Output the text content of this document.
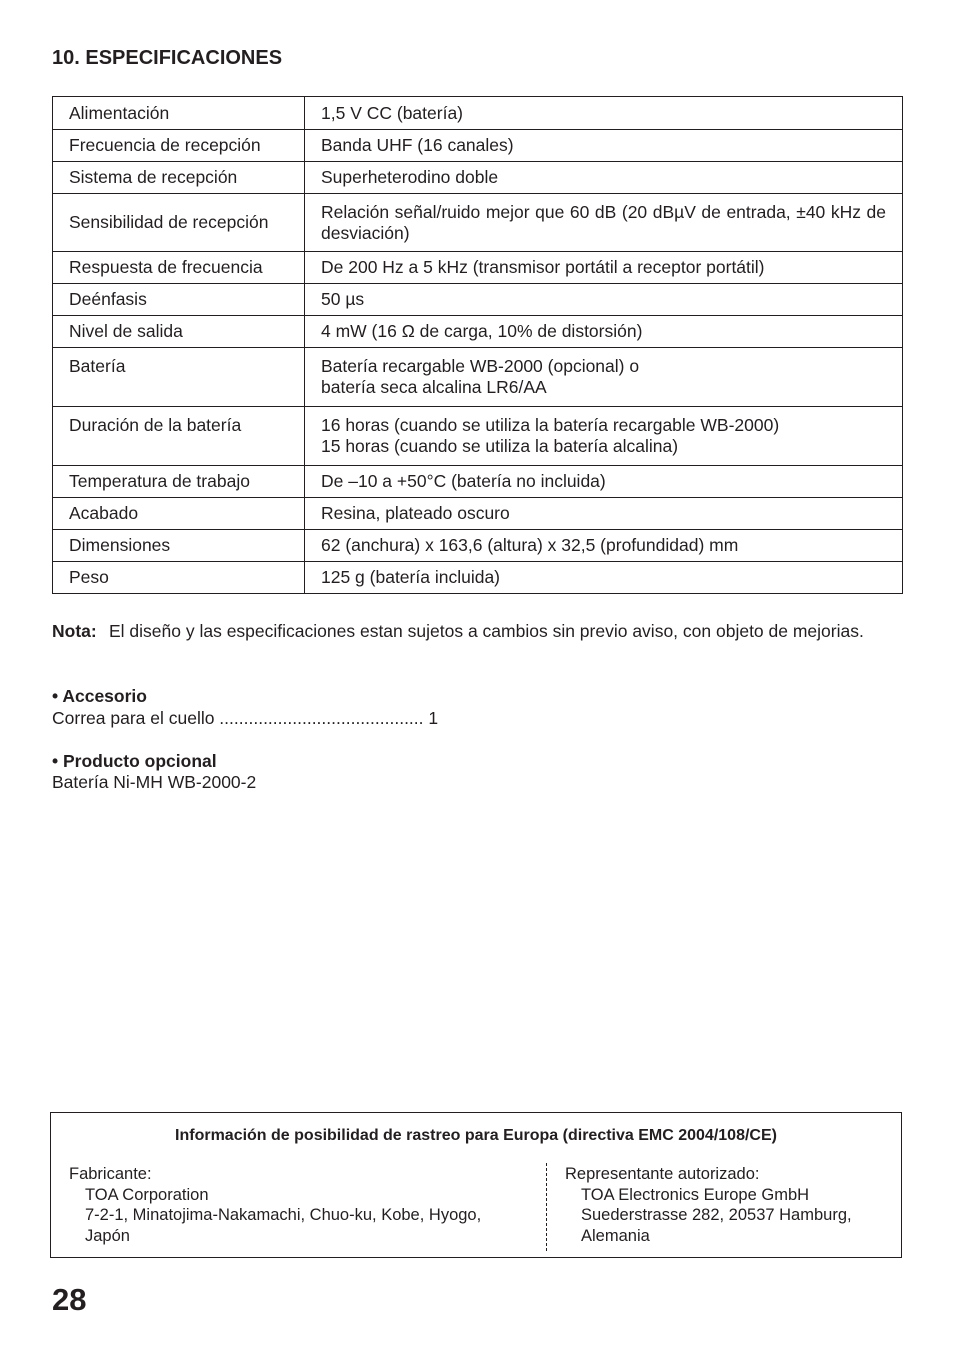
10. ESPECIFICACIONES
Alimentación	1,5 V CC (batería)
Frecuencia de recepción	Banda UHF (16 canales)
Sistema de recepción	Superheterodino doble
Sensibilidad de recepción	Relación señal/ruido mejor que 60 dB (20 dBµV de entrada, ±40 kHz de desviación)
Respuesta de frecuencia	De 200 Hz a 5 kHz (transmisor portátil a receptor portátil)
Deénfasis	50 µs
Nivel de salida	4 mW (16 Ω de carga, 10% de distorsión)
Batería	Batería recargable WB-2000 (opcional) o
batería seca alcalina LR6/AA

Duración de la batería	16 horas (cuando se utiliza la batería recargable WB-2000)
15 horas (cuando se utiliza la batería alcalina)

Temperatura de trabajo	De –10 a +50°C (batería no incluida)
Acabado	Resina, plateado oscuro
Dimensiones	62 (anchura) x 163,6 (altura) x 32,5 (profundidad) mm
Peso	125 g (batería incluida)
Nota: El diseño y las especificaciones estan sujetos a cambios sin previo aviso, con objeto de mejorias.
• Accesorio
Correa para el cuello .......................................... 1
• Producto opcional
Batería Ni-MH WB-2000-2
Información de posibilidad de rastreo para Europa (directiva EMC 2004/108/CE)
Fabricante:
TOA Corporation
7-2-1, Minatojima-Nakamachi, Chuo-ku, Kobe, Hyogo,
Japón
Representante autorizado:
TOA Electronics Europe GmbH
Suederstrasse 282, 20537 Hamburg,
Alemania
28
